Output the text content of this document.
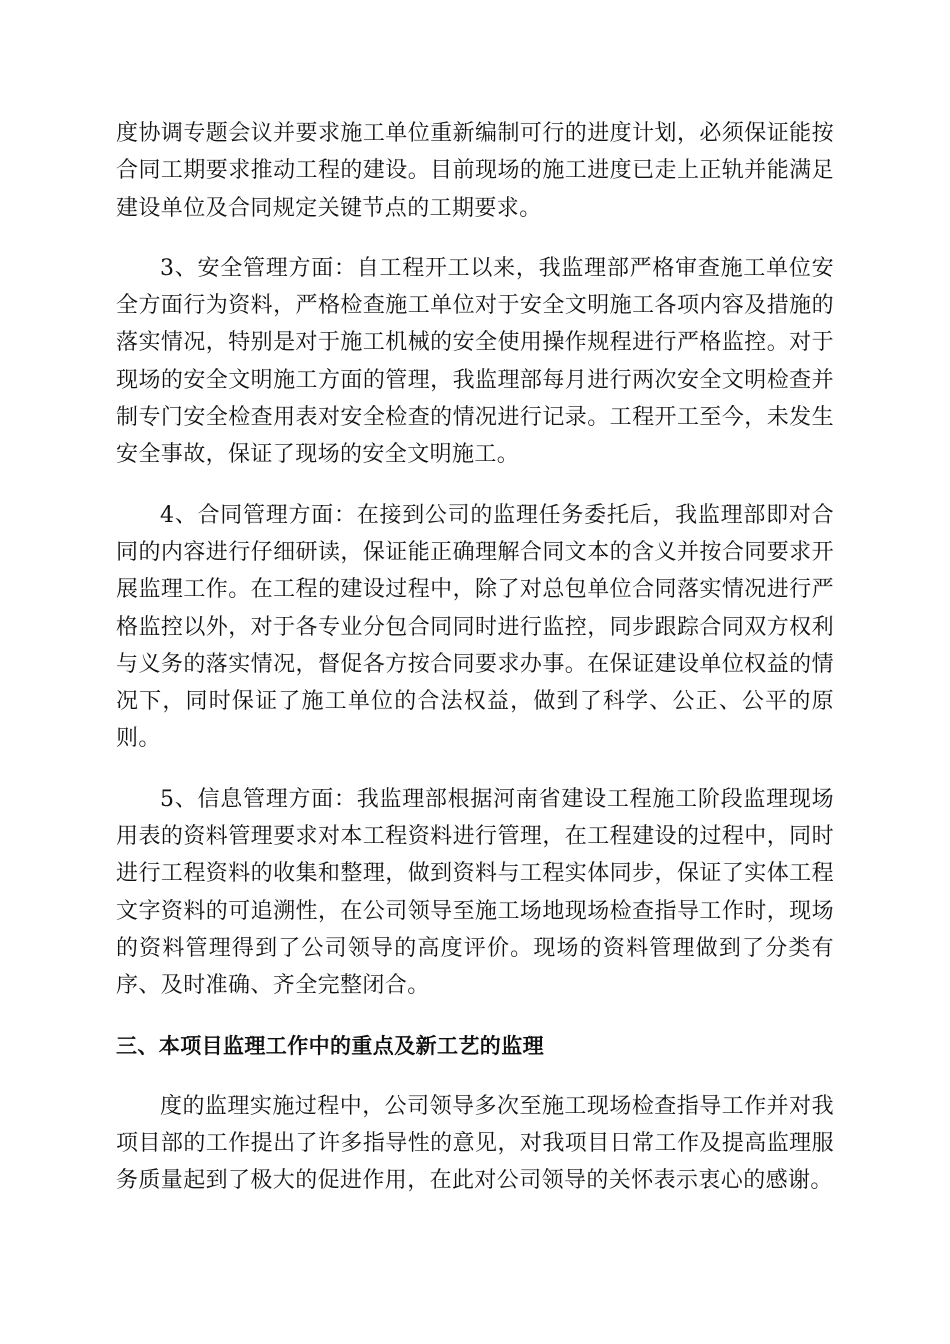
度协调专题会议并要求施工单位重新编制可行的进度计划，必须保证能按合同工期要求推动工程的建设。目前现场的施工进度已走上正轨并能满足建设单位及合同规定关键节点的工期要求。

3、安全管理方面：自工程开工以来，我监理部严格审查施工单位安全方面行为资料，严格检查施工单位对于安全文明施工各项内容及措施的落实情况，特别是对于施工机械的安全使用操作规程进行严格监控。对于现场的安全文明施工方面的管理，我监理部每月进行两次安全文明检查并制专门安全检查用表对安全检查的情况进行记录。工程开工至今，未发生安全事故，保证了现场的安全文明施工。

4、合同管理方面：在接到公司的监理任务委托后，我监理部即对合同的内容进行仔细研读，保证能正确理解合同文本的含义并按合同要求开展监理工作。在工程的建设过程中，除了对总包单位合同落实情况进行严格监控以外，对于各专业分包合同同时进行监控，同步跟踪合同双方权利与义务的落实情况，督促各方按合同要求办事。在保证建设单位权益的情况下，同时保证了施工单位的合法权益，做到了科学、公正、公平的原则。

5、信息管理方面：我监理部根据河南省建设工程施工阶段监理现场用表的资料管理要求对本工程资料进行管理，在工程建设的过程中，同时进行工程资料的收集和整理，做到资料与工程实体同步，保证了实体工程文字资料的可追溯性，在公司领导至施工场地现场检查指导工作时，现场的资料管理得到了公司领导的高度评价。现场的资料管理做到了分类有序、及时准确、齐全完整闭合。

三、本项目监理工作中的重点及新工艺的监理

度的监理实施过程中，公司领导多次至施工现场检查指导工作并对我项目部的工作提出了许多指导性的意见，对我项目日常工作及提高监理服务质量起到了极大的促进作用，在此对公司领导的关怀表示衷心的感谢。
